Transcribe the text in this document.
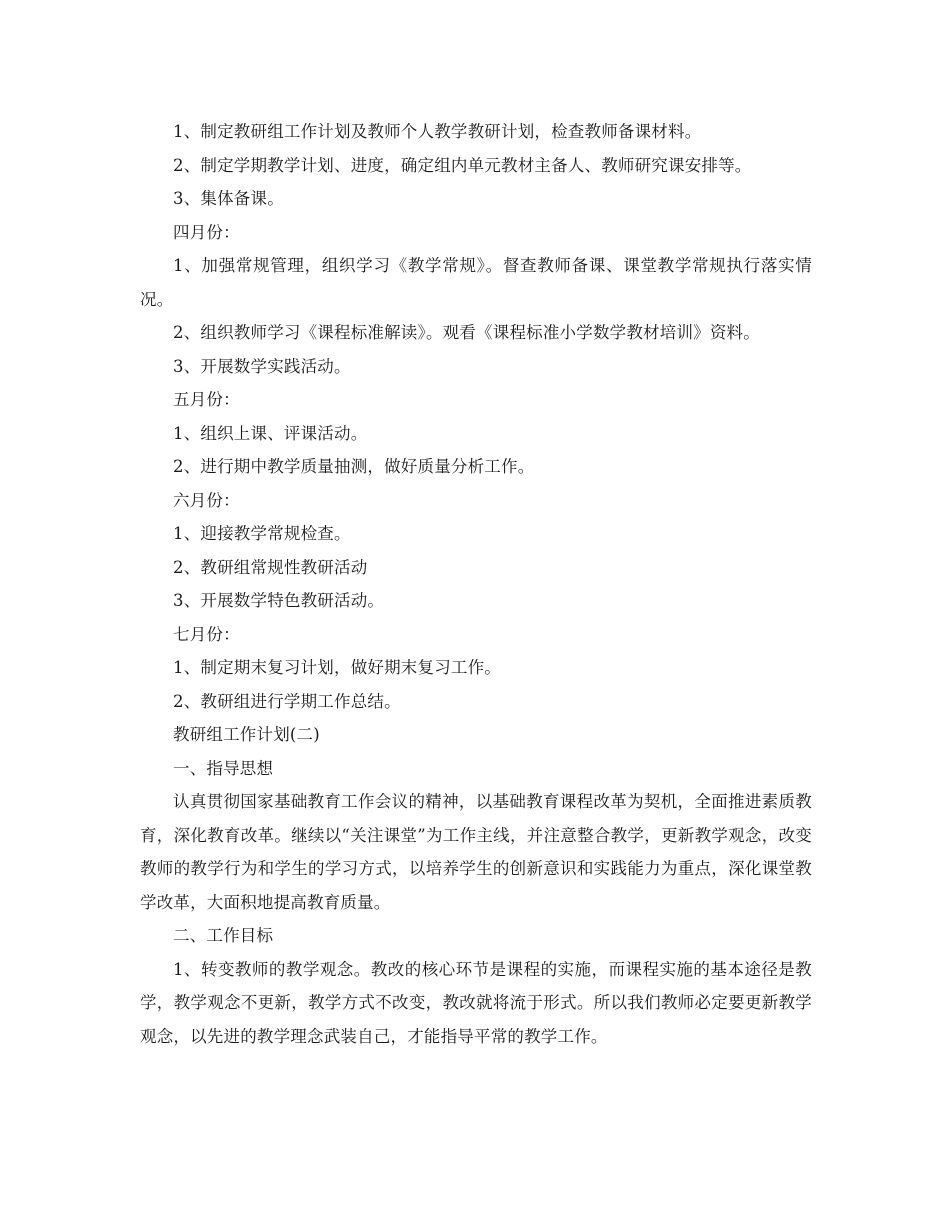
1、制定教研组工作计划及教师个人教学教研计划，检查教师备课材料。

2、制定学期教学计划、进度，确定组内单元教材主备人、教师研究课安排等。

3、集体备课。

四月份：

1、加强常规管理，组织学习《教学常规》。督查教师备课、课堂教学常规执行落实情况。

2、组织教师学习《课程标准解读》。观看《课程标准小学数学教材培训》资料。

3、开展数学实践活动。

五月份：

1、组织上课、评课活动。

2、进行期中教学质量抽测，做好质量分析工作。

六月份：

1、迎接教学常规检查。

2、教研组常规性教研活动

3、开展数学特色教研活动。

七月份：

1、制定期末复习计划，做好期末复习工作。

2、教研组进行学期工作总结。

教研组工作计划(二)

一、指导思想

认真贯彻国家基础教育工作会议的精神，以基础教育课程改革为契机，全面推进素质教育，深化教育改革。继续以“关注课堂”为工作主线，并注意整合教学，更新教学观念，改变教师的教学行为和学生的学习方式，以培养学生的创新意识和实践能力为重点，深化课堂教学改革，大面积地提高教育质量。

二、工作目标

1、转变教师的教学观念。教改的核心环节是课程的实施，而课程实施的基本途径是教学，教学观念不更新，教学方式不改变，教改就将流于形式。所以我们教师必定要更新教学观念，以先进的教学理念武装自己，才能指导平常的教学工作。
